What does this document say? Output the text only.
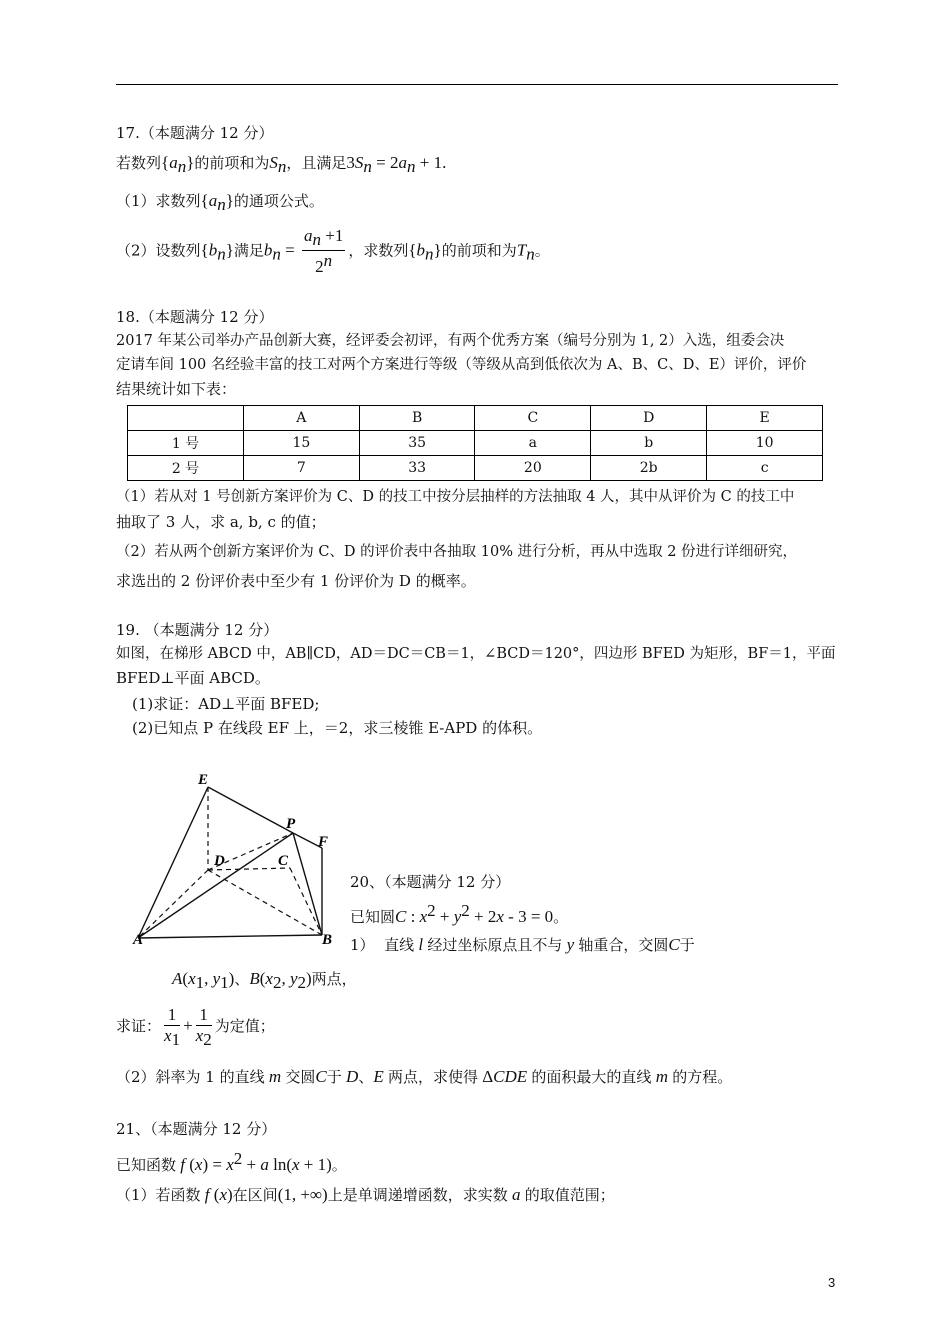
17.（本题满分 12 分）
若数列$\{a_n\}$的前项和为$S_n$，且满足$3S_n = 2a_n + 1$.
（1）求数列$\{a_n\}$的通项公式。
（2）设数列$\{b_n\}$满足$b_n = \frac{a_n +1}{2^n}$ ，求数列$\{b_n\}$的前项和为$T_n$。
18.（本题满分 12 分）
2017 年某公司举办产品创新大赛，经评委会初评，有两个优秀方案（编号分别为 1, 2）入选，组委会决
定请车间 100 名经验丰富的技工对两个方案进行等级（等级从高到低依次为 A、B、C、D、E）评价，评价
结果统计如下表：
	A	B	C	D	E
1 号	15	35	a	b	10
2 号	7	33	20	2b	c
（1）若从对 1 号创新方案评价为 C、D 的技工中按分层抽样的方法抽取 4 人，其中从评价为 C 的技工中
抽取了 3 人，求 a, b, c 的值；
（2）若从两个创新方案评价为 C、D 的评价表中各抽取 10% 进行分析，再从中选取 2 份进行详细研究，
求选出的 2 份评价表中至少有 1 份评价为 D 的概率。
19. （本题满分 12 分）
如图，在梯形 ABCD 中，AB∥CD，AD＝DC＝CB＝1，∠BCD＝120°，四边形 BFED 为矩形，BF＝1，平面
BFED⊥平面 ABCD。
(1)求证：AD⊥平面 BFED;
(2)已知点 P 在线段 EF 上，＝2，求三棱锥 E-APD 的体积。
E
P
F
D	C
A	B
20、（本题满分 12 分）
已知圆C : $x^2 + y^2 + 2x - 3 = 0$。
1） 直线 l 经过坐标原点且不与 y 轴重合，交圆C于
$A(x_1$, $y_1$)、$B(x_2$, $y_2$)两点，
求证： $\frac{1}{x_1} + \frac{1}{x_2}$ 为定值；
（2）斜率为 1 的直线 m 交圆C于 D、E 两点，求使得 ΔCDE 的面积最大的直线 m 的方程。
21、（本题满分 12 分）
已知函数 f $(x) = x^2 + a$ ln(x + 1)。
（1）若函数 f (x)在区间(1, +∞)上是单调递增函数，求实数 a 的取值范围；
3
